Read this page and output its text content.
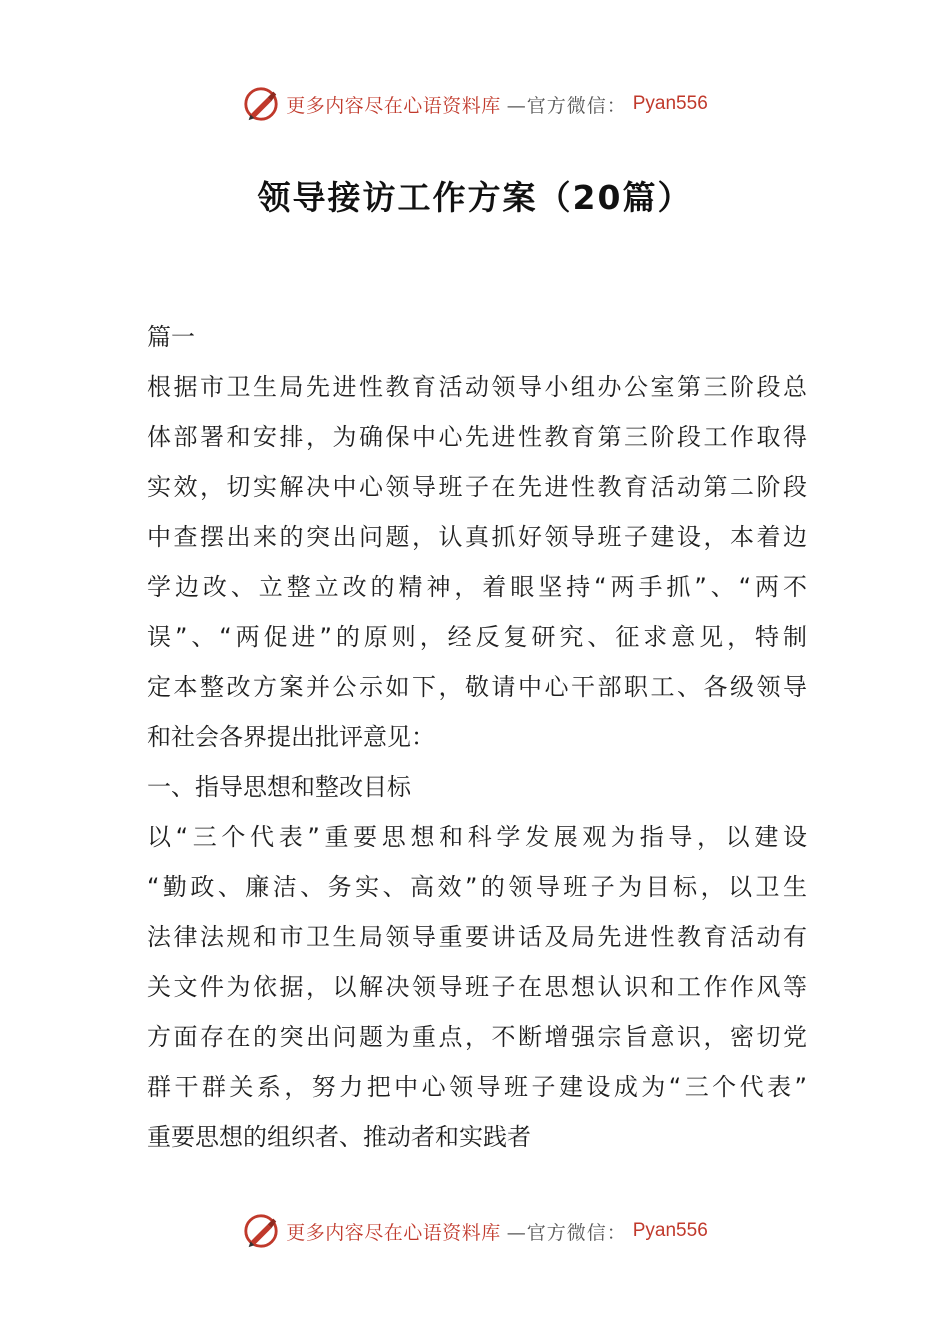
更多内容尽在心语资料库 —官方微信： Pyan556
领导接访工作方案（20篇）
篇一
根据市卫生局先进性教育活动领导小组办公室第三阶段总
体部署和安排，为确保中心先进性教育第三阶段工作取得
实效，切实解决中心领导班子在先进性教育活动第二阶段
中查摆出来的突出问题，认真抓好领导班子建设，本着边
学边改、立整立改的精神，着眼坚持“两手抓”、“两不
误”、“两促进”的原则，经反复研究、征求意见，特制
定本整改方案并公示如下，敬请中心干部职工、各级领导
和社会各界提出批评意见：
一、指导思想和整改目标
以“三个代表”重要思想和科学发展观为指导，以建设
“勤政、廉洁、务实、高效”的领导班子为目标，以卫生
法律法规和市卫生局领导重要讲话及局先进性教育活动有
关文件为依据，以解决领导班子在思想认识和工作作风等
方面存在的突出问题为重点，不断增强宗旨意识，密切党
群干群关系，努力把中心领导班子建设成为“三个代表”
重要思想的组织者、推动者和实践者
更多内容尽在心语资料库 —官方微信： Pyan556
